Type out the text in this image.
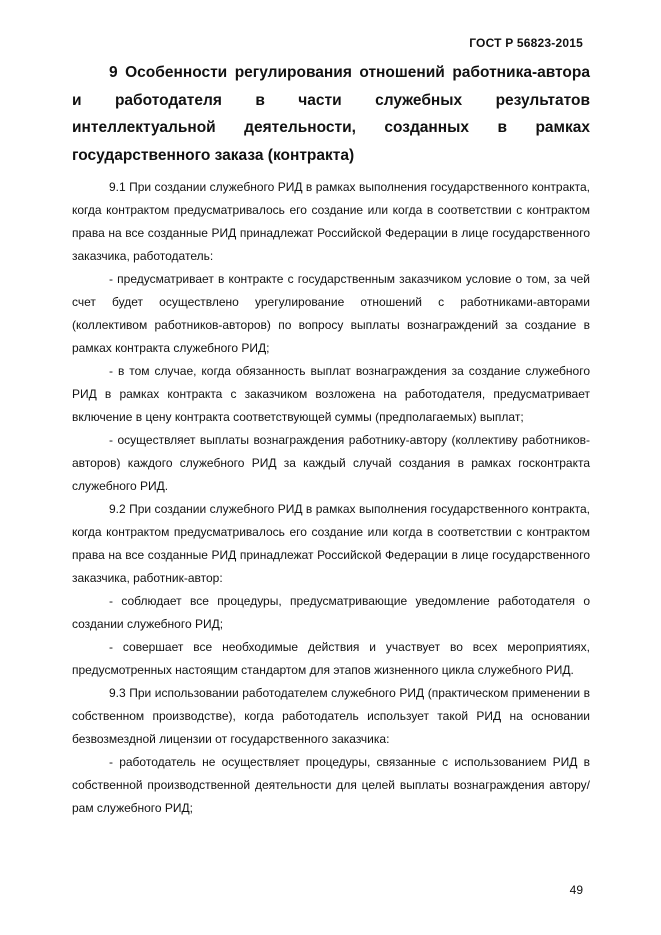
ГОСТ Р 56823-2015
9 Особенности регулирования отношений работника-автора и работодателя в части служебных результатов интеллектуальной деятельности, созданных в рамках государственного заказа (контракта)

9.1 При создании служебного РИД в рамках выполнения государственного контракта, когда контрактом предусматривалось его создание или когда в соответствии с контрактом права на все созданные РИД принадлежат Российской Федерации в лице государственного заказчика, работодатель:

- предусматривает в контракте с государственным заказчиком условие о том, за чей счет будет осуществлено урегулирование отношений с работниками-авторами (коллективом работников-авторов) по вопросу выплаты вознаграждений за создание в рамках контракта служебного РИД;

- в том случае, когда обязанность выплат вознаграждения за создание служебного РИД в рамках контракта с заказчиком возложена на работодателя, предусматривает включение в цену контракта соответствующей суммы (предполагаемых) выплат;

- осуществляет выплаты вознаграждения работнику-автору (коллективу работников-авторов) каждого служебного РИД за каждый случай создания в рамках госконтракта служебного РИД.

9.2 При создании служебного РИД в рамках выполнения государственного контракта, когда контрактом предусматривалось его создание или когда в соответствии с контрактом права на все созданные РИД принадлежат Российской Федерации в лице государственного заказчика, работник-автор:

- соблюдает все процедуры, предусматривающие уведомление работодателя о создании служебного РИД;

- совершает все необходимые действия и участвует во всех мероприятиях, предусмотренных настоящим стандартом для этапов жизненного цикла служебного РИД.

9.3 При использовании работодателем служебного РИД (практическом применении в собственном производстве), когда работодатель использует такой РИД на основании безвозмездной лицензии от государственного заказчика:

- работодатель не осуществляет процедуры, связанные с использованием РИД в собственной производственной деятельности для целей выплаты вознаграждения автору/рам служебного РИД;

49
